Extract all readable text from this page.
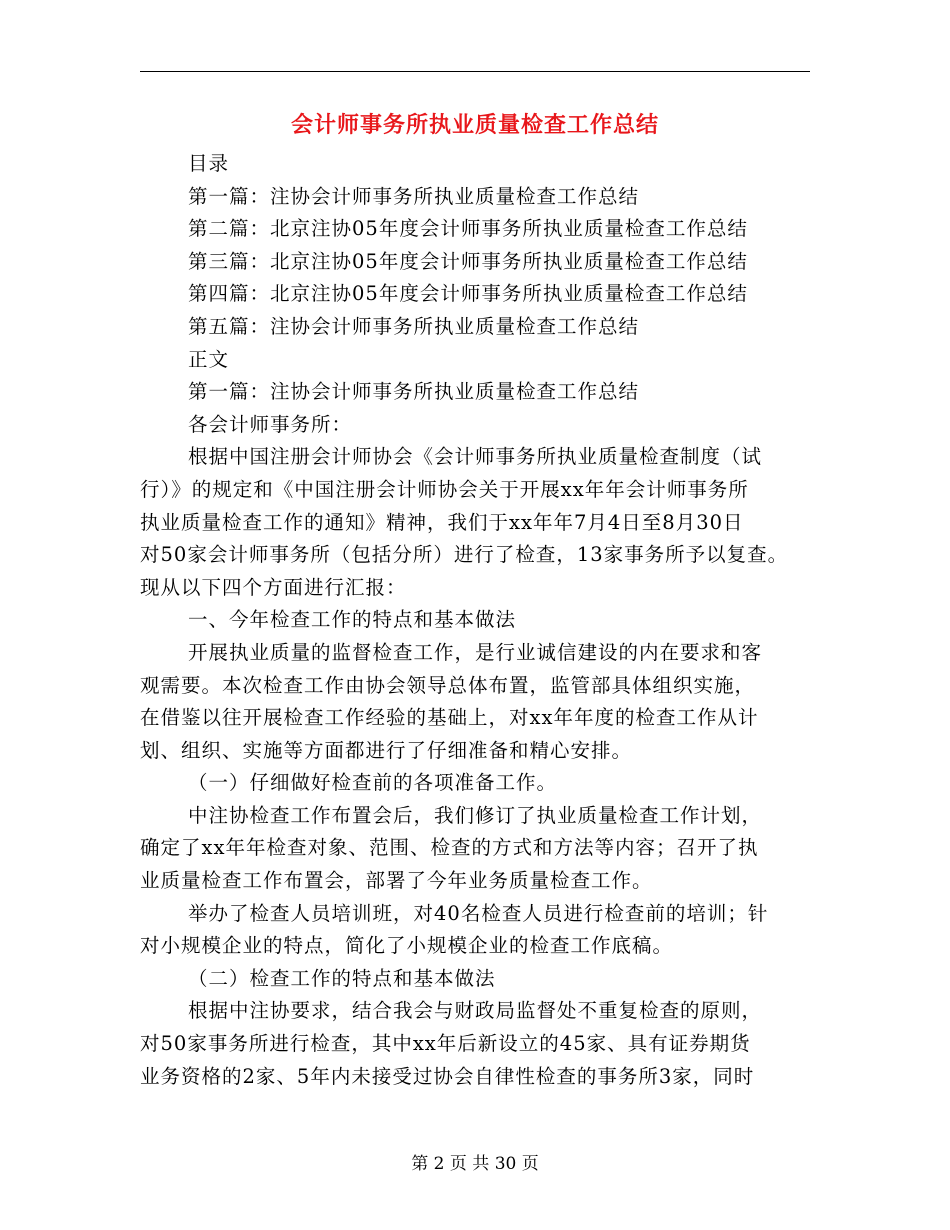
会计师事务所执业质量检查工作总结
目录
第一篇：注协会计师事务所执业质量检查工作总结
第二篇：北京注协05年度会计师事务所执业质量检查工作总结
第三篇：北京注协05年度会计师事务所执业质量检查工作总结
第四篇：北京注协05年度会计师事务所执业质量检查工作总结
第五篇：注协会计师事务所执业质量检查工作总结
正文
第一篇：注协会计师事务所执业质量检查工作总结
各会计师事务所：
根据中国注册会计师协会《会计师事务所执业质量检查制度（试
行）》的规定和《中国注册会计师协会关于开展xx年年会计师事务所
执业质量检查工作的通知》精神，我们于xx年年7月4日至8月30日
对50家会计师事务所（包括分所）进行了检查，13家事务所予以复查。
现从以下四个方面进行汇报：
一、今年检查工作的特点和基本做法
开展执业质量的监督检查工作，是行业诚信建设的内在要求和客
观需要。本次检查工作由协会领导总体布置，监管部具体组织实施，
在借鉴以往开展检查工作经验的基础上，对xx年年度的检查工作从计
划、组织、实施等方面都进行了仔细准备和精心安排。
（一）仔细做好检查前的各项准备工作。
中注协检查工作布置会后，我们修订了执业质量检查工作计划，
确定了xx年年检查对象、范围、检查的方式和方法等内容；召开了执
业质量检查工作布置会，部署了今年业务质量检查工作。
举办了检查人员培训班，对40名检查人员进行检查前的培训；针
对小规模企业的特点，简化了小规模企业的检查工作底稿。
（二）检查工作的特点和基本做法
根据中注协要求，结合我会与财政局监督处不重复检查的原则，
对50家事务所进行检查，其中xx年后新设立的45家、具有证券期货
业务资格的2家、5年内未接受过协会自律性检查的事务所3家，同时
第 2 页 共 30 页
